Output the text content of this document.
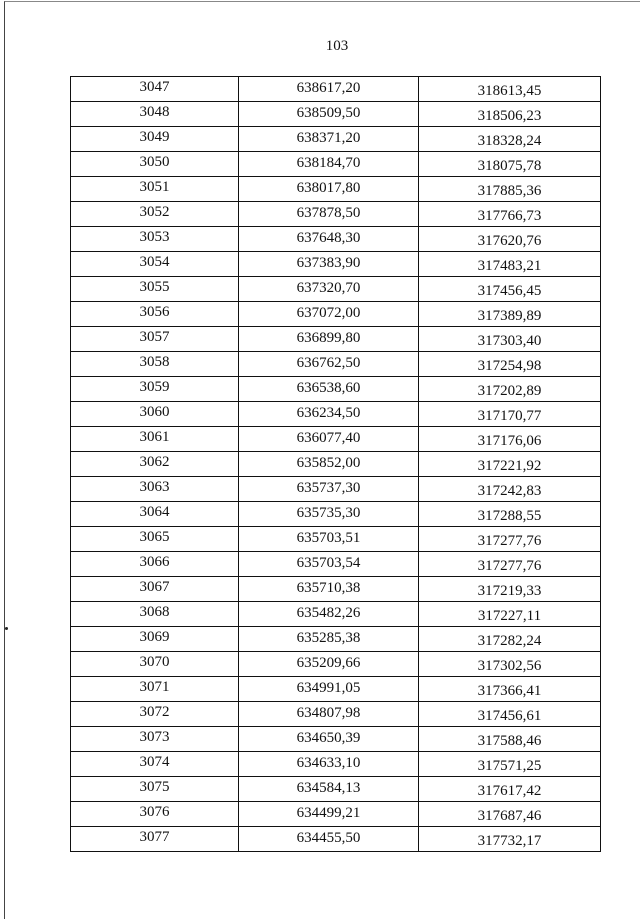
103
3047	638617,20	318613,45
3048	638509,50	318506,23
3049	638371,20	318328,24
3050	638184,70	318075,78
3051	638017,80	317885,36
3052	637878,50	317766,73
3053	637648,30	317620,76
3054	637383,90	317483,21
3055	637320,70	317456,45
3056	637072,00	317389,89
3057	636899,80	317303,40
3058	636762,50	317254,98
3059	636538,60	317202,89
3060	636234,50	317170,77
3061	636077,40	317176,06
3062	635852,00	317221,92
3063	635737,30	317242,83
3064	635735,30	317288,55
3065	635703,51	317277,76
3066	635703,54	317277,76
3067	635710,38	317219,33
3068	635482,26	317227,11
3069	635285,38	317282,24
3070	635209,66	317302,56
3071	634991,05	317366,41
3072	634807,98	317456,61
3073	634650,39	317588,46
3074	634633,10	317571,25
3075	634584,13	317617,42
3076	634499,21	317687,46
3077	634455,50	317732,17
